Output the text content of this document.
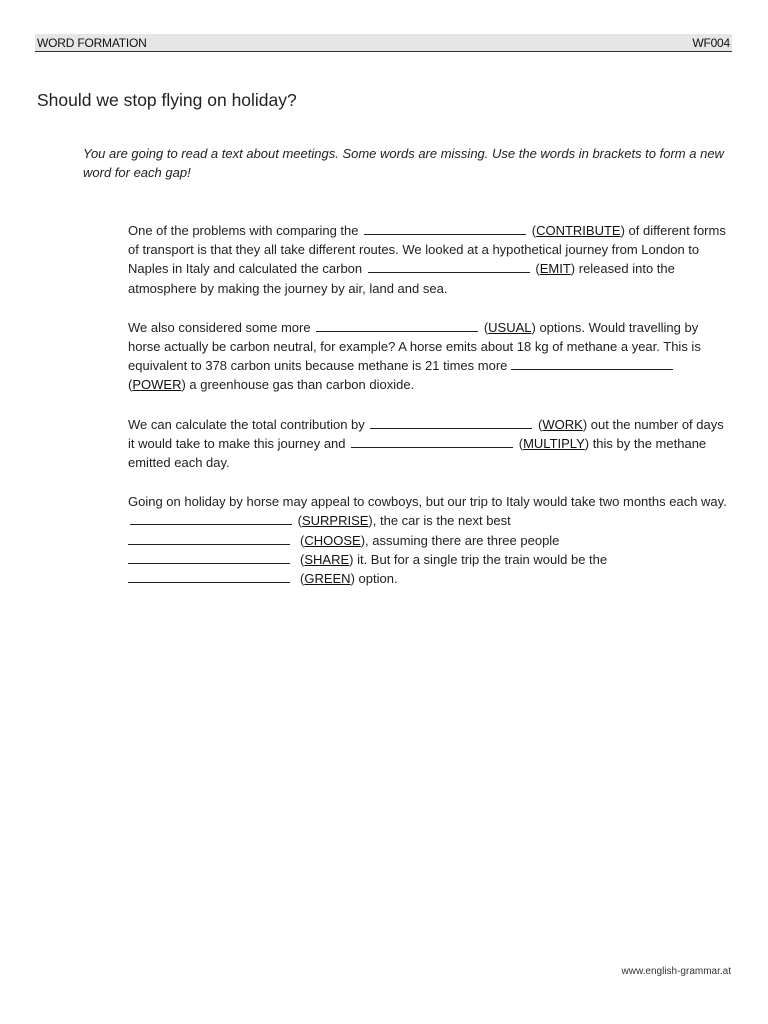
WORD FORMATION	WF004
Should we stop flying on holiday?

You are going to read a text about meetings. Some words are missing. Use the words in brackets to form a new word for each gap!

One of the problems with comparing the	(CONTRIBUTE) of different forms of transport is that they all take different routes. We looked at a hypothetical journey from London to Naples in Italy and calculated the carbon	(EMIT) released into the atmosphere by making the journey by air, land and sea.

We also considered some more	(USUAL) options. Would travelling by horse actually be carbon neutral, for example? A horse emits about 18 kg of methane a year. This is equivalent to 378 carbon units because methane is 21 times more  (POWER) a greenhouse gas than carbon dioxide.

We can calculate the total contribution by	(WORK) out the number of days it would take to make this journey and	(MULTIPLY) this by the methane emitted each day.

Going on holiday by horse may appeal to cowboys, but our trip to Italy would take two months each way.  (SURPRISE), the car is the next best
(CHOOSE), assuming there are three people
(SHARE) it. But for a single trip the train would be the
(GREEN) option.

www.english-grammar.at
